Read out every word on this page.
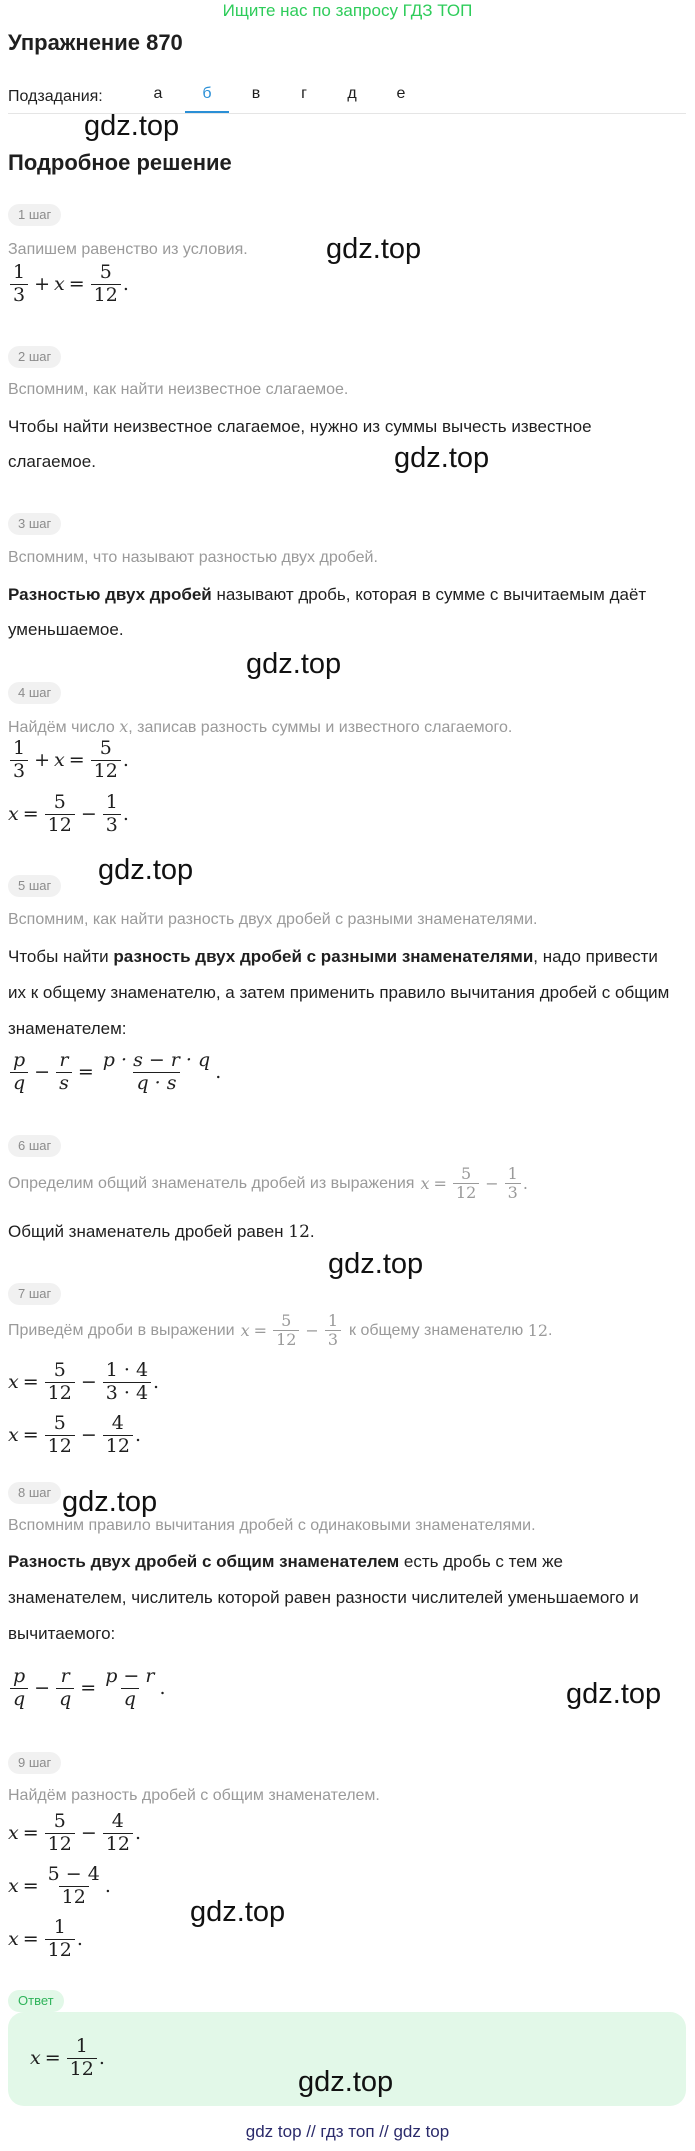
Ищите нас по запросу ГДЗ ТОП
Упражнение 870
Подзадания:	а	б	в	г	д	е
gdz.top
Подробное решение
1 шаг
Запишем равенство из условия.	gdz.top
$\frac{1}{3} + x = \frac{5}{12}$ .
2 шаг
Вспомним, как найти неизвестное слагаемое.
Чтобы найти неизвестное слагаемое, нужно из суммы вычесть известное слагаемое.	gdz.top
3 шаг
Вспомним, что называют разностью двух дробей.
Разностью двух дробей называют дробь, которая в сумме с вычитаемым даёт уменьшаемое.
gdz.top
4 шаг
Найдём число x, записав разность суммы и известного слагаемого.
$\frac{1}{3} + x = \frac{5}{12}$ .
$x = \frac{5}{12} - \frac{1}{3}$ .
gdz.top
5 шаг
Вспомним, как найти разность двух дробей с разными знаменателями.
Чтобы найти разность двух дробей с разными знаменателями, надо привести их к общему знаменателю, а затем применить правило вычитания дробей с общим знаменателем:
$\frac{p}{q} - \frac{r}{s} = \frac{p \cdot s - r \cdot q}{q \cdot s}$ .
6 шаг
Определим общий знаменатель дробей из выражения $x = \frac{5}{12} - \frac{1}{3}$ .
Общий знаменатель дробей равен 12.
gdz.top
7 шаг
Приведём дроби в выражении $x = \frac{5}{12} - \frac{1}{3}$ к общему знаменателю
12 .
$x = \frac{5}{12} - \frac{1 \cdot 4}{3 \cdot 4}$ .
$x = \frac{5}{12} - \frac{4}{12}$ .
8 шаг gdz.top
Вспомним правило вычитания дробей с одинаковыми знаменателями.
Разность двух дробей с общим знаменателем есть дробь с тем же знаменателем, числитель которой равен разности числителей уменьшаемого и вычитаемого:
$\frac{p}{q} - \frac{r}{q} = \frac{p - r}{q}$ .	gdz.top
9 шаг
Найдём разность дробей с общим знаменателем.
$x = \frac{5}{12} - \frac{4}{12}$ .
$x = \frac{5 - 4}{12}$ .
$x = \frac{1}{12}$ .
gdz.top
Ответ
$x = \frac{1}{12}$ .
gdz.top
gdz top // гдз топ // gdz top
